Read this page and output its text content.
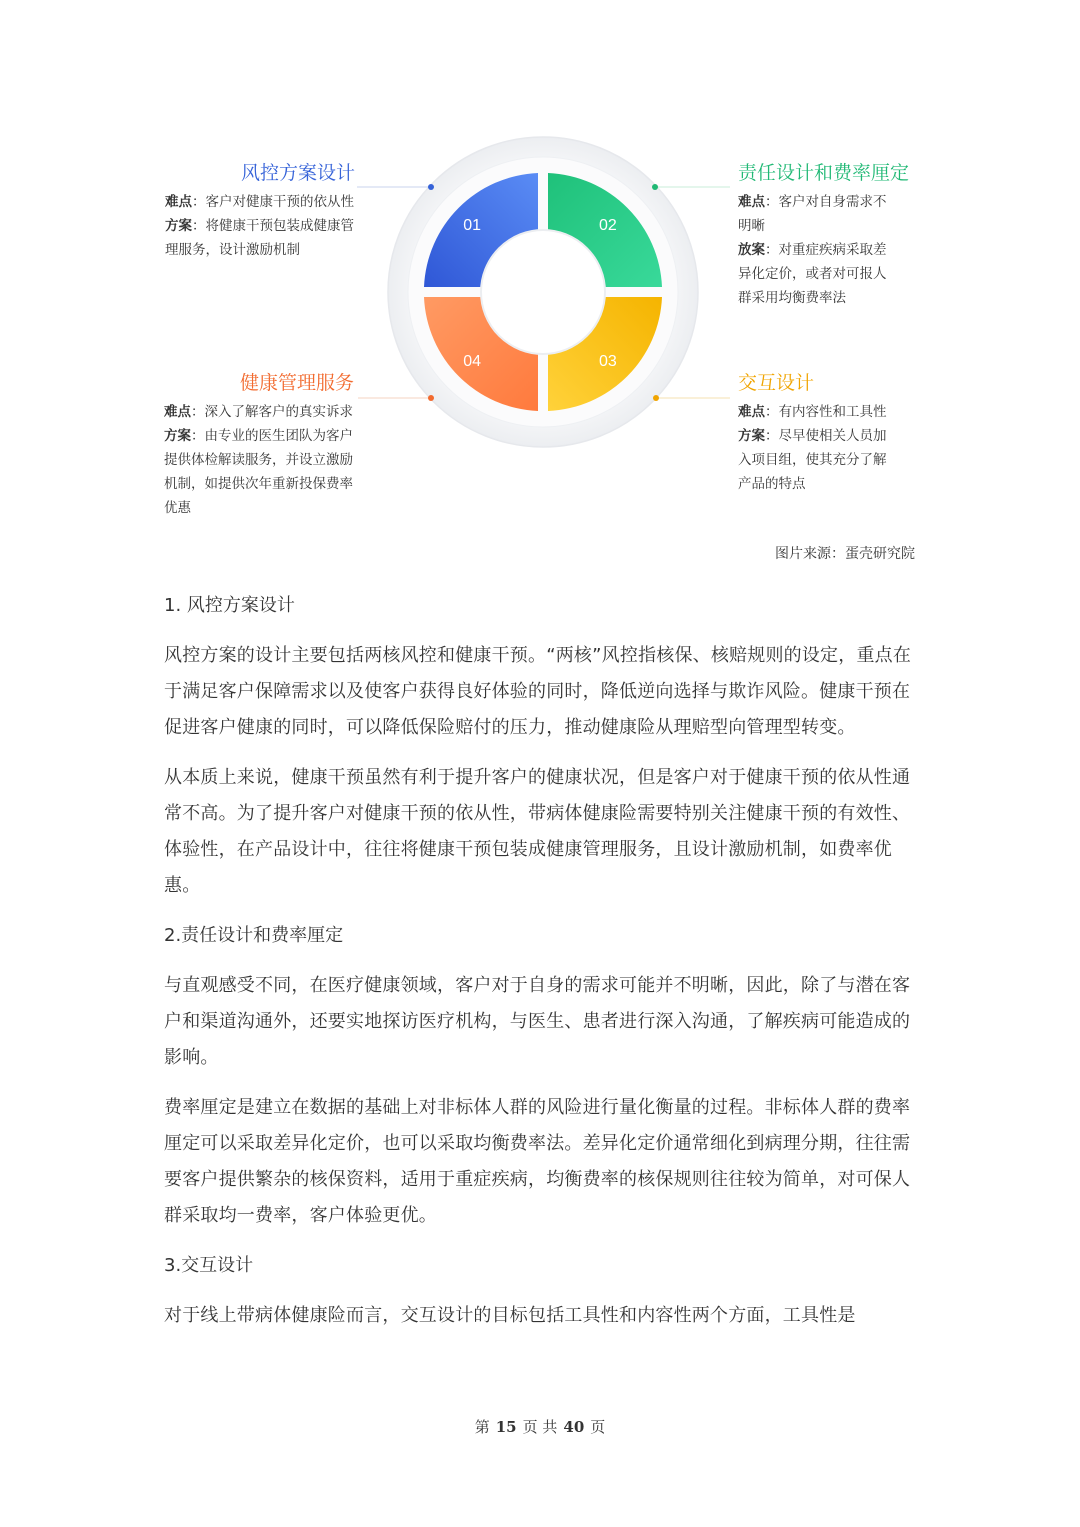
01	02
03
04
风控方案设计
难点：客户对健康干预的依从性
方案：将健康干预包装成健康管
理服务，设计激励机制
责任设计和费率厘定
难点：客户对自身需求不
明晰
放案：对重症疾病采取差
异化定价，或者对可报人
群采用均衡费率法
健康管理服务
难点：深入了解客户的真实诉求
方案：由专业的医生团队为客户
提供体检解读服务，并设立激励
机制，如提供次年重新投保费率
优惠
交互设计
难点：有内容性和工具性
方案：尽早使相关人员加
入项目组，使其充分了解
产品的特点
图片来源：蛋壳研究院
1. 风控方案设计

风控方案的设计主要包括两核风控和健康干预。“两核”风控指核保、核赔规则的设定，重点在于满足客户保障需求以及使客户获得良好体验的同时，降低逆向选择与欺诈风险。健康干预在促进客户健康的同时，可以降低保险赔付的压力，推动健康险从理赔型向管理型转变。

从本质上来说，健康干预虽然有利于提升客户的健康状况，但是客户对于健康干预的依从性通常不高。为了提升客户对健康干预的依从性，带病体健康险需要特别关注健康干预的有效性、体验性，在产品设计中，往往将健康干预包装成健康管理服务，且设计激励机制，如费率优惠。

2.责任设计和费率厘定

与直观感受不同，在医疗健康领域，客户对于自身的需求可能并不明晰，因此，除了与潜在客户和渠道沟通外，还要实地探访医疗机构，与医生、患者进行深入沟通，了解疾病可能造成的影响。

费率厘定是建立在数据的基础上对非标体人群的风险进行量化衡量的过程。非标体人群的费率厘定可以采取差异化定价，也可以采取均衡费率法。差异化定价通常细化到病理分期，往往需要客户提供繁杂的核保资料，适用于重症疾病，均衡费率的核保规则往往较为简单，对可保人群采取均一费率，客户体验更优。

3.交互设计

对于线上带病体健康险而言，交互设计的目标包括工具性和内容性两个方面，工具性是

第 15 页 共 40 页
